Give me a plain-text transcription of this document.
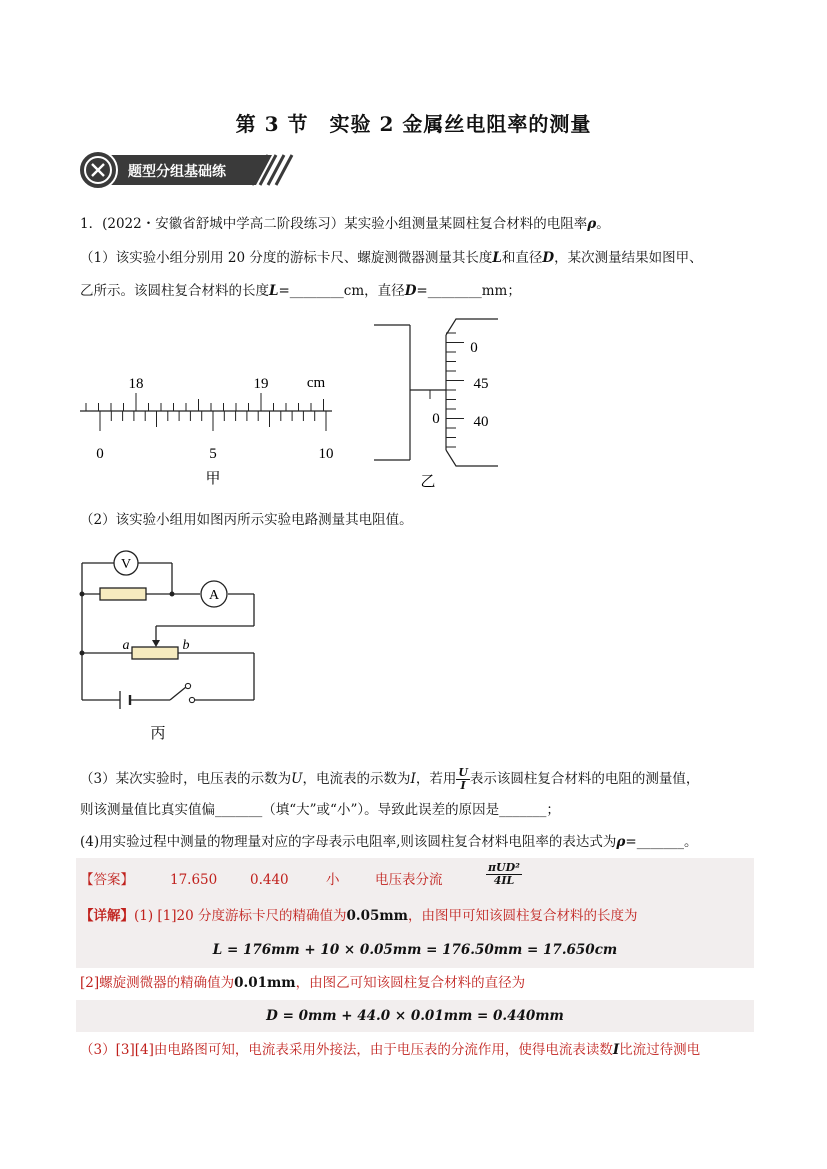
第 3 节　实验 2 金属丝电阻率的测量
题型分组基础练
1．(2022・安徽省舒城中学高二阶段练习）某实验小组测量某圆柱复合材料的电阻率ρ。
（1）该实验小组分别用 20 分度的游标卡尺、螺旋测微器测量其长度L和直径D，某次测量结果如图甲、
乙所示。该圆柱复合材料的长度L=________cm，直径D=________mm；
18	19	cm
0	5	10
甲
0
0
45
40
乙
（2）该实验小组用如图丙所示实验电路测量其电阻值。
V
A
a	b
丙
（3）某次实验时，电压表的示数为U，电流表的示数为I，若用 $\frac{U}{I}$ 表示该圆柱复合材料的电阻的测量值，
则该测量值比真实值偏_______（填“大”或“小”）。导致此误差的原因是_______；
(4)用实验过程中测量的物理量对应的字母表示电阻率,则该圆柱复合材料电阻率的表达式为ρ=_______。
【答案】	17.650 0.440	小	电压表分流	$\frac{\text{πUD²}}{4IL}$
【详解】(1) [1]20 分度游标卡尺的精确值为0.05mm，由图甲可知该圆柱复合材料的长度为
L = 176mm + 10 × 0.05mm = 176.50mm = 17.650cm
[2]螺旋测微器的精确值为0.01mm，由图乙可知该圆柱复合材料的直径为
D = 0mm + 44.0 × 0.01mm = 0.440mm
（3）[3][4]由电路图可知，电流表采用外接法，由于电压表的分流作用，使得电流表读数I比流过待测电
